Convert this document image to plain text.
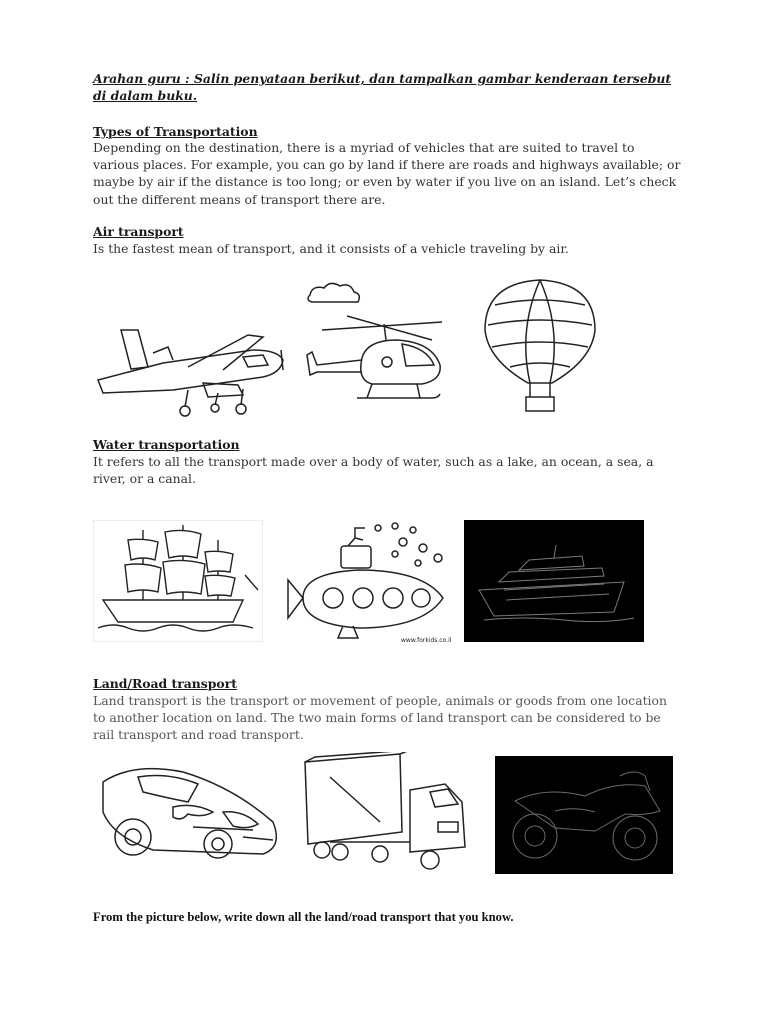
Arahan guru : Salin penyataan berikut, dan tampalkan gambar kenderaan tersebut di dalam buku.
Types of Transportation
Depending on the destination, there is a myriad of vehicles that are suited to travel to various places. For example, you can go by land if there are roads and highways available; or maybe by air if the distance is too long; or even by water if you live on an island. Let’s check out the different means of transport there are.
Air transport
Is the fastest mean of transport, and it consists of a vehicle traveling by air.
Water transportation
It refers to all the transport made over a body of water, such as a lake, an ocean, a sea, a river, or a canal.
www.forkids.co.il
Land/Road transport
Land transport is the transport or movement of people, animals or goods from one location to another location on land. The two main forms of land transport can be considered to be rail transport and road transport.
From the picture below, write down all the land/road transport that you know.
